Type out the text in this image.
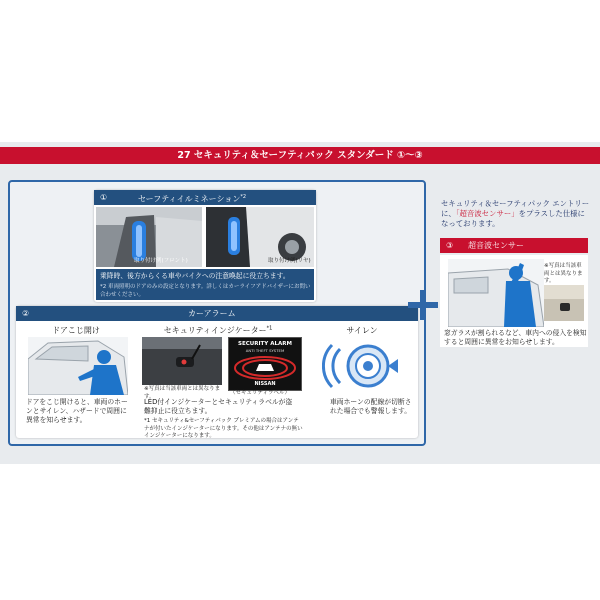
27 セキュリティ＆セーフティパック スタンダード ①〜③
①	セーフティイルミネーション$^{*2}$
取り付け例(フロント)	取り付け例(リヤ)
乗降時、後方からくる車やバイクへの注意喚起に役立ちます。
*2 車両照明のドアのみの設定となります。詳しくはカーライフアドバイザーにお問い合わせください。
②	カーアラーム
ドアこじ開け
ドアをこじ開けると、車両のホーンとサイレン、ハザードで周囲に異常を知らせます。
セキュリティインジケーター$^{*1}$
※写真は当該車両とは異なります。
SECURITY ALARM
ANTI THEFT SYSTEM
NISSAN
（セキュリティラベル）
LED付インジケーターとセキュリティラベルが盗難抑止に役立ちます。
*1 セキュリティ&セーフティパック プレミアムの場合はアンテナが付いたインジケーターになります。その他はアンテナの無いインジケーターになります。
サイレン
車両ホーンの配線が切断された場合でも警報します。
セキュリティ＆セーフティパック エントリーに、「超音波センサー」をプラスした仕様になっております。
③ 超音波センサー
※写真は当該車両とは異なります。
窓ガラスが割られるなど、車内への侵入を検知すると周囲に異常をお知らせします。
